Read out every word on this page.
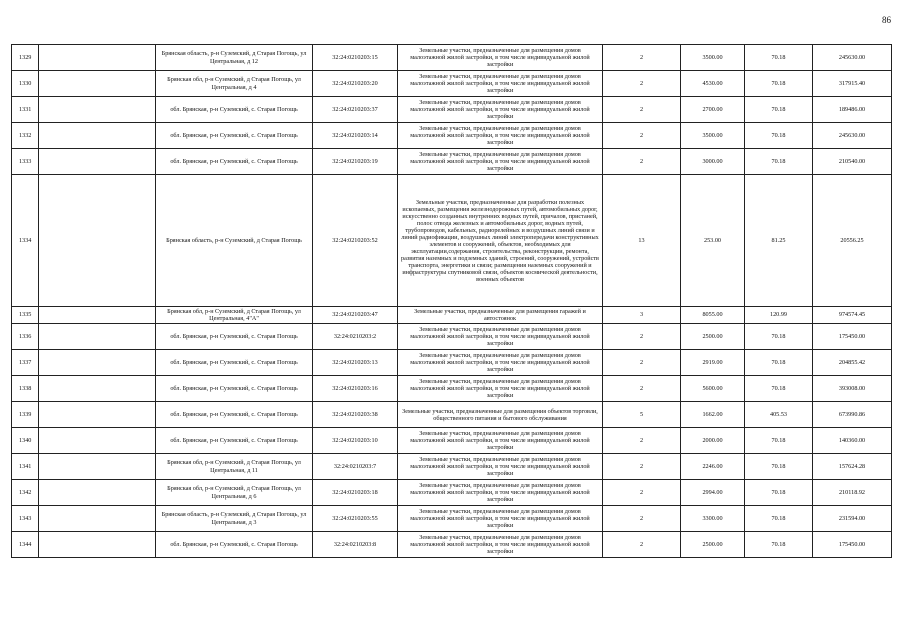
86
1329		Брянская область, р-н Суземский, д Старая Погощь, ул Центральная, д 12	32:24:0210203:15	Земельные участки, предназначенные для размещения домов малоэтажной жилой застройки, в том числе индивидуальной жилой застройки	2	3500.00	70.18	245630.00
1330		Брянская обл, р-н Суземский, д Старая Погощь, ул Центральная, д 4	32:24:0210203:20	Земельные участки, предназначенные для размещения домов малоэтажной жилой застройки, в том числе индивидуальной жилой застройки	2	4530.00	70.18	317915.40
1331		обл. Брянская, р-н Суземский, с. Старая Погощь	32:24:0210203:37	Земельные участки, предназначенные для размещения домов малоэтажной жилой застройки, в том числе индивидуальной жилой застройки	2	2700.00	70.18	189486.00
1332		обл. Брянская, р-н Суземский, с. Старая Погощь	32:24:0210203:14	Земельные участки, предназначенные для размещения домов малоэтажной жилой застройки, в том числе индивидуальной жилой застройки	2	3500.00	70.18	245630.00
1333		обл. Брянская, р-н Суземский, с. Старая Погощь	32:24:0210203:19	Земельные участки, предназначенные для размещения домов малоэтажной жилой застройки, в том числе индивидуальной жилой застройки	2	3000.00	70.18	210540.00
1334		Брянская область, р-н Суземский, д Старая Погощь	32:24:0210203:52	Земельные участки, предназначенные для разработки полезных ископаемых, размещения железнодорожных путей, автомобильных дорог, искусственно созданных внутренних водных путей, причалов, пристаней, полос отвода железных и автомобильных дорог, водных путей, трубопроводов, кабельных, радиорелейных и воздушных линий связи и линий радиофикации, воздушных линий электропередачи конструктивных элементов и сооружений, объектов, необходимых для эксплуатации,содержания, строительства, реконструкции, ремонта, развития наземных и подземных зданий, строений, сооружений, устройств транспорта, энергетики и связи; размещения наземных сооружений и инфраструктуры спутниковой связи, объектов космической деятельности, военных объектов	13	253.00	81.25	20556.25
1335		Брянская обл, р-н Суземский, д Старая Погощь, ул Центральная, 4"А"	32:24:0210203:47	Земельные участки, предназначенные для размещения гаражей и автостоянок	3	8055.00	120.99	974574.45
1336		обл. Брянская, р-н Суземский, с. Старая Погощь	32:24:0210203:2	Земельные участки, предназначенные для размещения домов малоэтажной жилой застройки, в том числе индивидуальной жилой застройки	2	2500.00	70.18	175450.00
1337		обл. Брянская, р-н Суземский, с. Старая Погощь	32:24:0210203:13	Земельные участки, предназначенные для размещения домов малоэтажной жилой застройки, в том числе индивидуальной жилой застройки	2	2919.00	70.18	204855.42
1338		обл. Брянская, р-н Суземский, с. Старая Погощь	32:24:0210203:16	Земельные участки, предназначенные для размещения домов малоэтажной жилой застройки, в том числе индивидуальной жилой застройки	2	5600.00	70.18	393008.00
1339		обл. Брянская, р-н Суземский, с. Старая Погощь	32:24:0210203:38	Земельные участки, предназначенные для размещения объектов торговли, общественного питания и бытового обслуживания	5	1662.00	405.53	673990.86
1340		обл. Брянская, р-н Суземский, с. Старая Погощь	32:24:0210203:10	Земельные участки, предназначенные для размещения домов малоэтажной жилой застройки, в том числе индивидуальной жилой застройки	2	2000.00	70.18	140360.00
1341		Брянская обл, р-н Суземский, д Старая Погощь, ул Центральная, д 11	32:24:0210203:7	Земельные участки, предназначенные для размещения домов малоэтажной жилой застройки, в том числе индивидуальной жилой застройки	2	2246.00	70.18	157624.28
1342		Брянская обл, р-н Суземский, д Старая Погощь, ул Центральная, д 6	32:24:0210203:18	Земельные участки, предназначенные для размещения домов малоэтажной жилой застройки, в том числе индивидуальной жилой застройки	2	2994.00	70.18	210118.92
1343		Брянская область, р-н Суземский, д Старая Погощь, ул Центральная, д 3	32:24:0210203:55	Земельные участки, предназначенные для размещения домов малоэтажной жилой застройки, в том числе индивидуальной жилой застройки	2	3300.00	70.18	231594.00
1344		обл. Брянская, р-н Суземский, с. Старая Погощь	32:24:0210203:8	Земельные участки, предназначенные для размещения домов малоэтажной жилой застройки, в том числе индивидуальной жилой застройки	2	2500.00	70.18	175450.00
